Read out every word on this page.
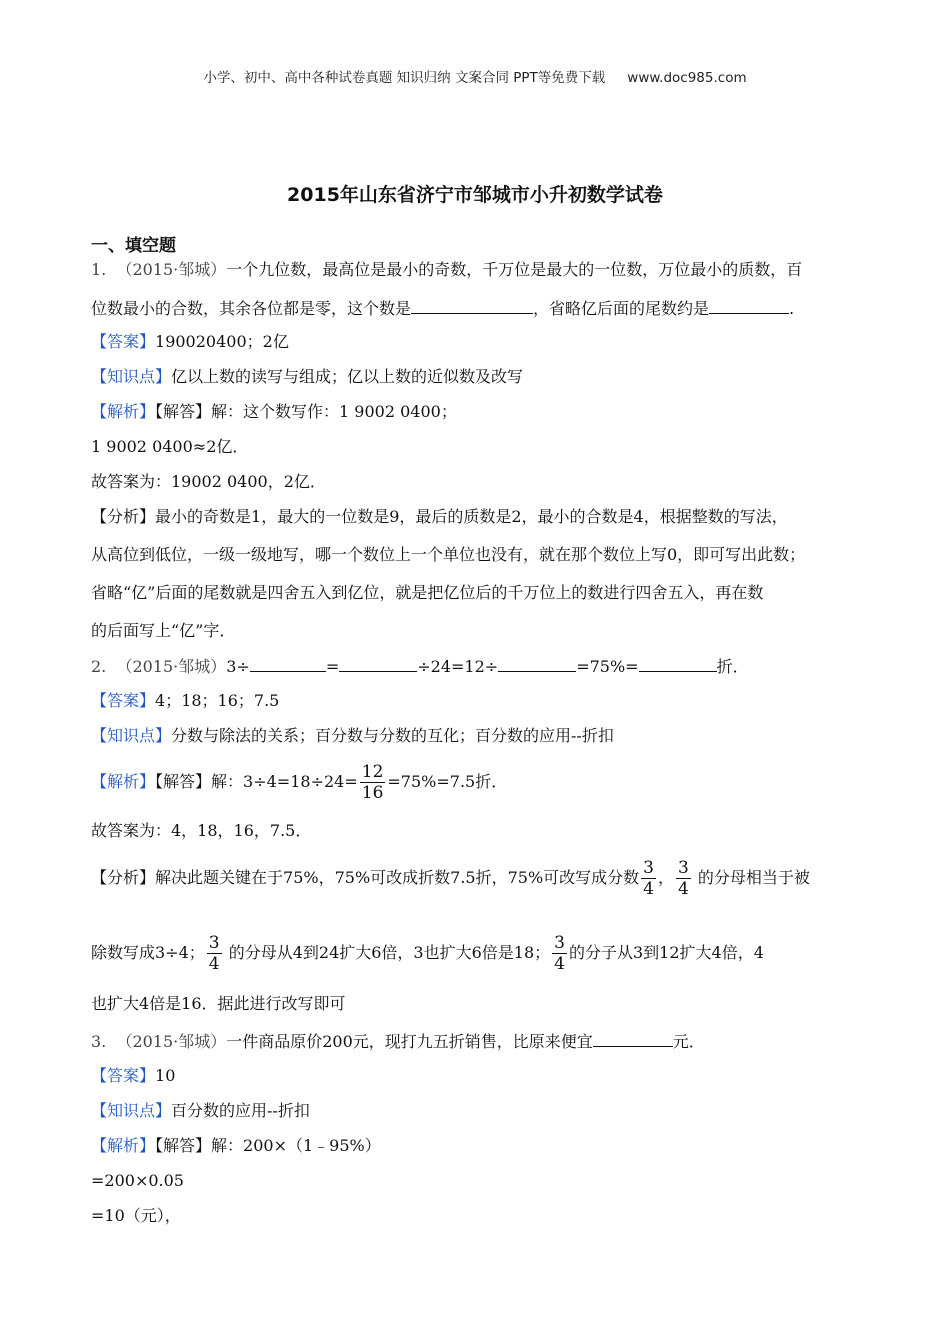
小学、初中、高中各种试卷真题 知识归纳 文案合同 PPT等免费下载 www.doc985.com
2015年山东省济宁市邹城市小升初数学试卷
一、填空题
1. （2015·邹城）一个九位数，最高位是最小的奇数，千万位是最大的一位数，万位最小的质数，百
位数最小的合数，其余各位都是零，这个数是	，省略亿后面的尾数约是	.
【答案】190020400；2亿
【知识点】亿以上数的读写与组成；亿以上数的近似数及改写
【解析】【解答】解：这个数写作：1 9002 0400；
1 9002 0400≈2亿．
故答案为：19002 0400，2亿．
【分析】最小的奇数是1，最大的一位数是9，最后的质数是2，最小的合数是4，根据整数的写法，
从高位到低位，一级一级地写，哪一个数位上一个单位也没有，就在那个数位上写0，即可写出此数；
省略“亿”后面的尾数就是四舍五入到亿位，就是把亿位后的千万位上的数进行四舍五入，再在数
的后面写上“亿”字．
2. （2015·邹城）3÷	=	÷24=12÷	=75%=	折．
【答案】4；18；16；7.5
【知识点】分数与除法的关系；百分数与分数的互化；百分数的应用--折扣
【解析】【解答】解：$3\div 4=18\div 24= \frac{12}{16} =75\%=7.5$折．
故答案为：4，18，16，7.5．
【分析】解决此题关键在于75%，75%可改成折数7.5折，75%可改写成分数 $\frac{3}{4}$ ， $\frac{3}{4}$ 的分母相当于被
除数写成3÷4； $\frac{3}{4}$ 的分母从4到24扩大6倍，3也扩大6倍是18； $\frac{3}{4}$ 的分子从3到12扩大4倍，4
也扩大4倍是16．据此进行改写即可
3. （2015·邹城）一件商品原价200元，现打九五折销售，比原来便宜	元．
【答案】10
【知识点】百分数的应用--折扣
【解析】【解答】解：200×（1﹣95%）
=200×0.05
=10（元），
